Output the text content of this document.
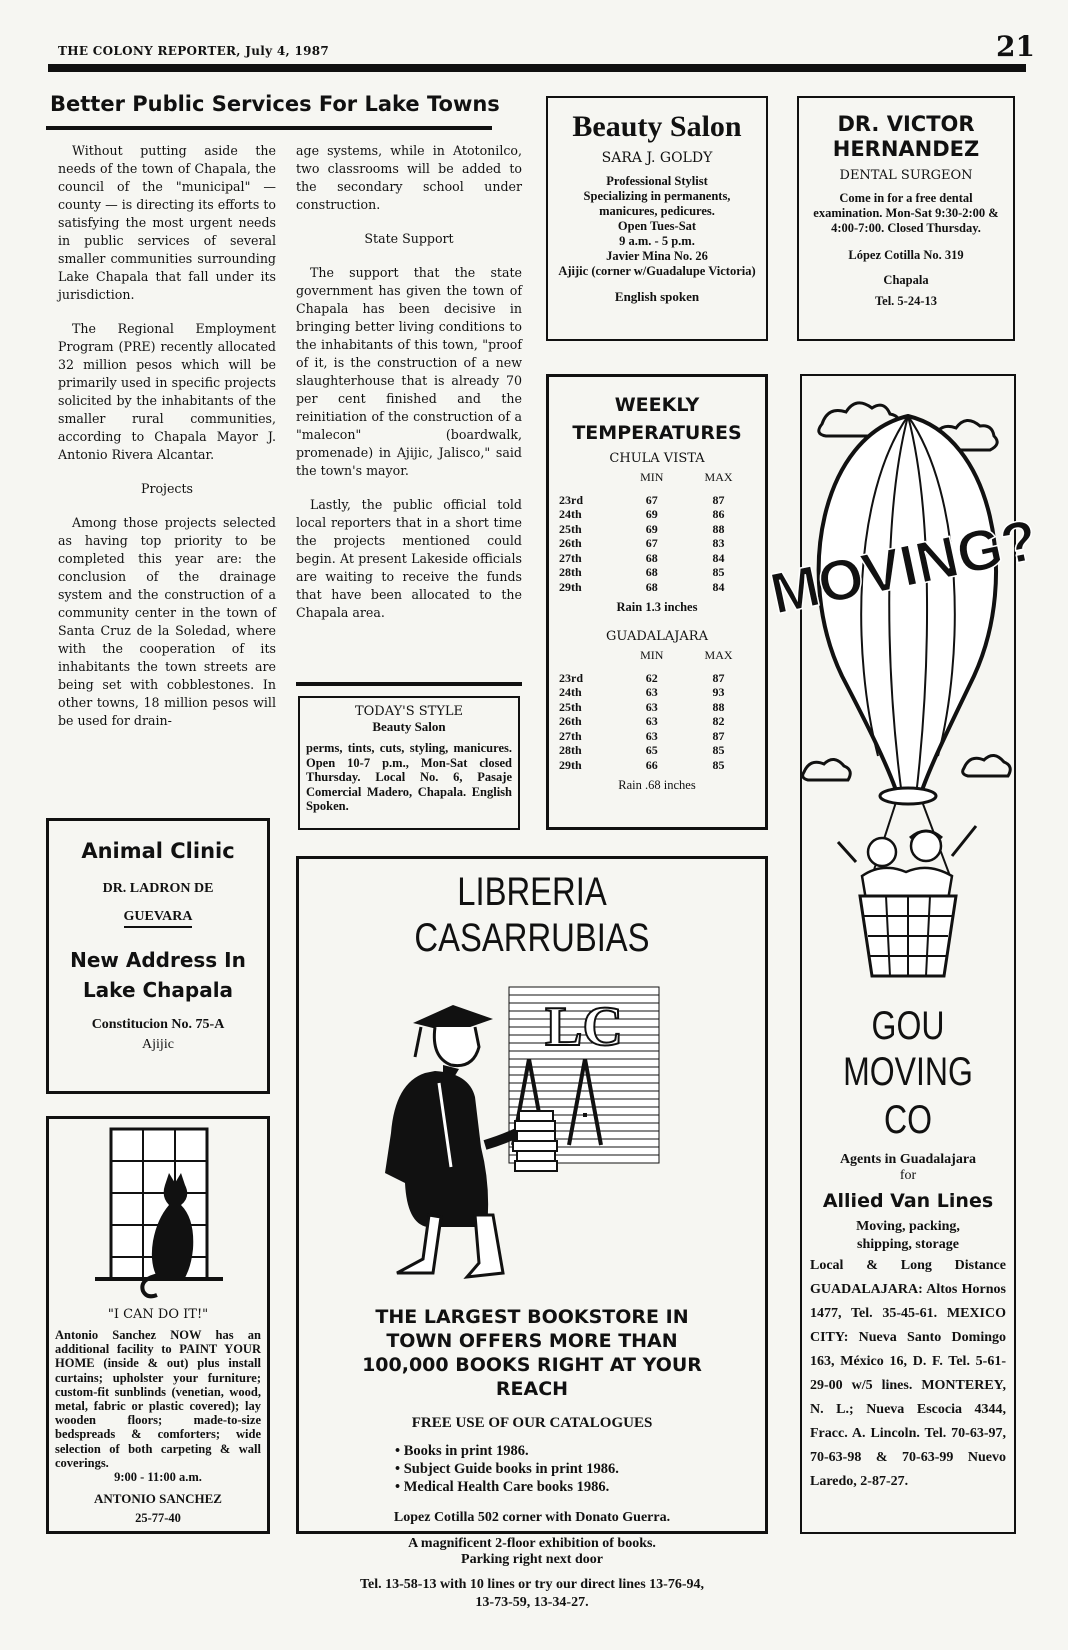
THE COLONY REPORTER, July 4, 1987	21
Better Public Services For Lake Towns

Without putting aside the needs of the town of Chapala, the council of the "municipal" — county — is directing its efforts to satisfying the most urgent needs in public services of several smaller communities surrounding Lake Chapala that fall under its jurisdiction.

The Regional Employment Program (PRE) recently allocated 32 million pesos which will be primarily used in specific projects solicited by the inhabitants of the smaller rural communities, according to Chapala Mayor J. Antonio Rivera Alcantar.

Projects

Among those projects selected as having top priority to be completed this year are: the conclusion of the drainage system and the construction of a community center in the town of Santa Cruz de la Soledad, where with the cooperation of its inhabitants the town streets are being set with cobblestones. In other towns, 18 million pesos will be used for drain-

age systems, while in Atotonilco, two classrooms will be added to the secondary school under construction.

State Support

The support that the state government has given the town of Chapala has been decisive in bringing better living conditions to the inhabitants of this town, "proof of it, is the construction of a new slaughterhouse that is already 70 per cent finished and the reinitiation of the construction of a "malecon" (boardwalk, promenade) in Ajijic, Jalisco," said the town's mayor.

Lastly, the public official told local reporters that in a short time the projects mentioned could begin. At present Lakeside officials are waiting to receive the funds that have been allocated to the Chapala area.

Beauty Salon
SARA J. GOLDY
Professional Stylist
Specializing in permanents, manicures, pedicures.
Open Tues-Sat
9 a.m. - 5 p.m.
Javier Mina No. 26
Ajijic (corner w/Guadalupe Victoria)
English spoken
DR. VICTOR HERNANDEZ
DENTAL SURGEON
Come in for a free dental examination. Mon-Sat 9:30-2:00 & 4:00-7:00. Closed Thursday.
López Cotilla No. 319
Chapala
Tel. 5-24-13
WEEKLY TEMPERATURES
CHULA VISTA
	MIN	MAX

23rd	67	87
24th	69	86
25th	69	88
26th	67	83
27th	68	84
28th	68	85
29th	68	84
Rain 1.3 inches
GUADALAJARA
	MIN	MAX

23rd	62	87
24th	63	93
25th	63	88
26th	63	82
27th	63	87
28th	65	85
29th	66	85
Rain .68 inches
TODAY'S STYLE
Beauty Salon
perms, tints, cuts, styling, manicures. Open 10-7 p.m., Mon-Sat closed Thursday. Local No. 6, Pasaje Comercial Madero, Chapala. English Spoken.
MOVING?
GOU
MOVING CO
Agents in Guadalajara
for
Allied Van Lines
Moving, packing, shipping, storage
Local & Long Distance GUADALAJARA: Altos Hornos 1477, Tel. 35-45-61. MEXICO CITY: Nueva Santo Domingo 163, México 16, D. F. Tel. 5-61-29-00 w/5 lines. MONTEREY, N. L.; Nueva Escocia 4344, Fracc. A. Lincoln. Tel. 70-63-97, 70-63-98 & 70-63-99 Nuevo Laredo, 2-87-27.
Animal Clinic
DR. LADRON DE
GUEVARA
New Address In Lake Chapala
Constitucion No. 75-A
Ajijic
"I CAN DO IT!"
Antonio Sanchez NOW has an additional facility to PAINT YOUR HOME (inside & out) plus install curtains; upholster your furniture; custom-fit sunblinds (venetian, wood, metal, fabric or plastic covered); lay wooden floors; made-to-size bedspreads & comforters; wide selection of both carpeting & wall coverings.
9:00 - 11:00 a.m.
ANTONIO SANCHEZ
25-77-40
LIBRERIA CASARRUBIAS
LC
THE LARGEST BOOKSTORE IN TOWN OFFERS MORE THAN 100,000 BOOKS RIGHT AT YOUR REACH
FREE USE OF OUR CATALOGUES
• Books in print 1986.
• Subject Guide books in print 1986.
• Medical Health Care books 1986.
Lopez Cotilla 502 corner with Donato Guerra.
A magnificent 2-floor exhibition of books.
Parking right next door
Tel. 13-58-13 with 10 lines or try our direct lines 13-76-94, 13-73-59, 13-34-27.
